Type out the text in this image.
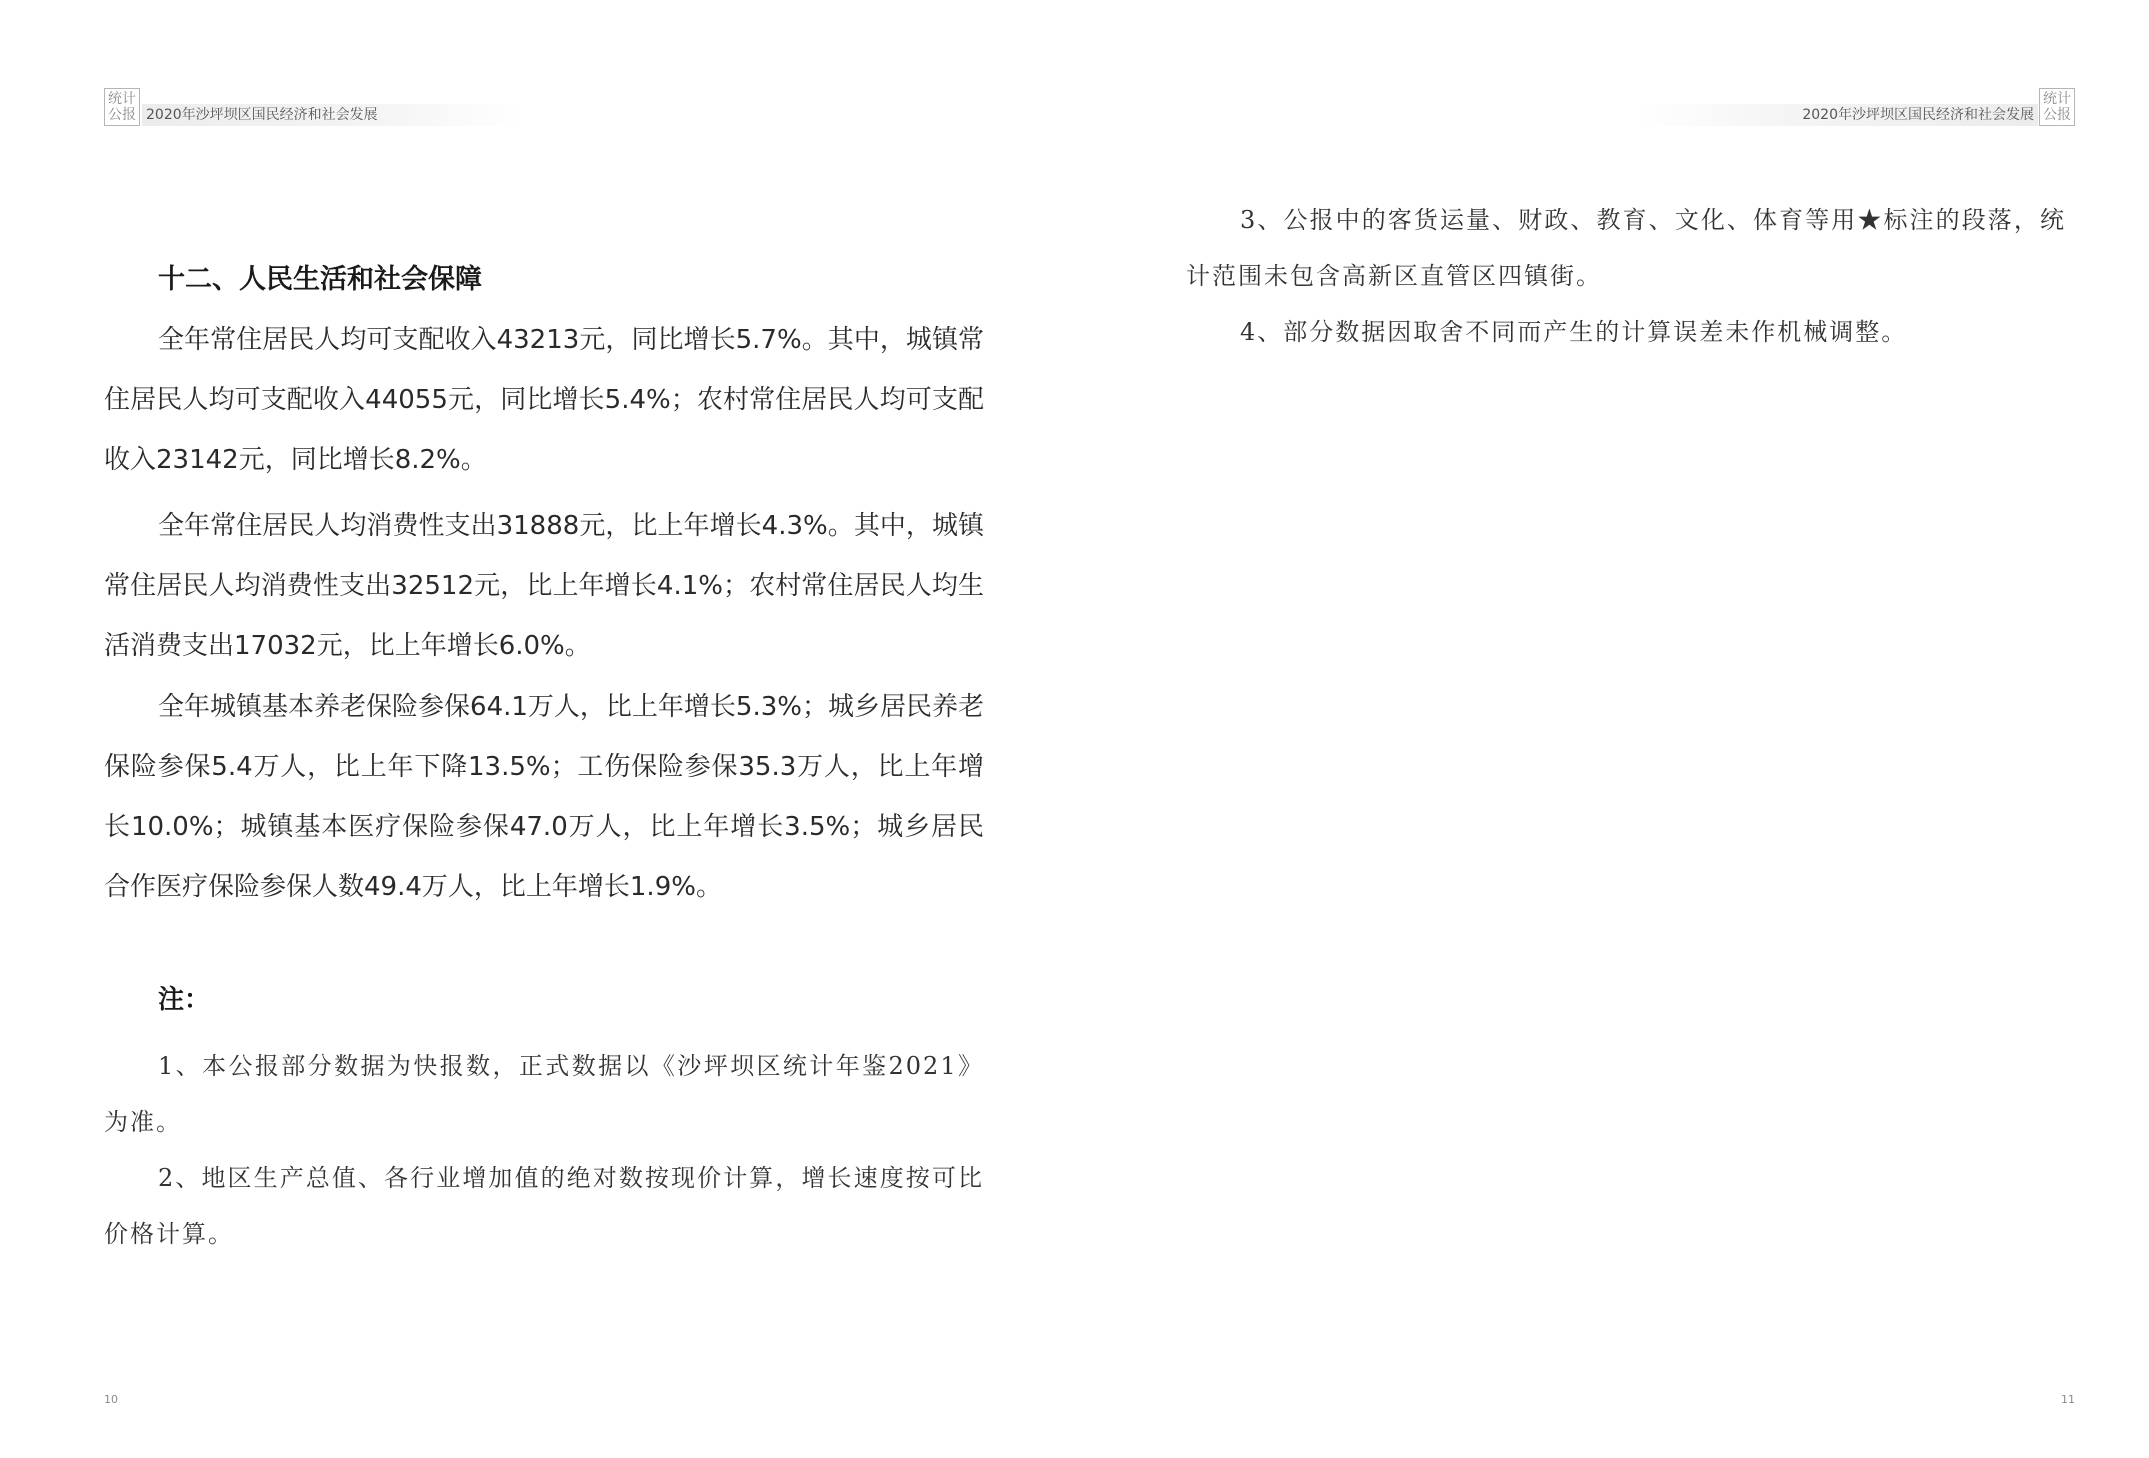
统计
公报 2020年沙坪坝区国民经济和社会发展
十二、人民生活和社会保障

全年常住居民人均可支配收入43213元，同比增长5.7%。其中，城镇常住居民人均可支配收入44055元，同比增长5.4%；农村常住居民人均可支配收入23142元，同比增长8.2%。

全年常住居民人均消费性支出31888元，比上年增长4.3%。其中，城镇常住居民人均消费性支出32512元，比上年增长4.1%；农村常住居民人均生活消费支出17032元，比上年增长6.0%。

全年城镇基本养老保险参保64.1万人，比上年增长5.3%；城乡居民养老保险参保5.4万人，比上年下降13.5%；工伤保险参保35.3万人，比上年增长10.0%；城镇基本医疗保险参保47.0万人，比上年增长3.5%；城乡居民合作医疗保险参保人数49.4万人，比上年增长1.9%。

注：

1、本公报部分数据为快报数，正式数据以《沙坪坝区统计年鉴2021》为准。

2、地区生产总值、各行业增加值的绝对数按现价计算，增长速度按可比价格计算。

10
2020年沙坪坝区国民经济和社会发展
统计
公报
11

3、公报中的客货运量、财政、教育、文化、体育等用★标注的段落，统计范围未包含高新区直管区四镇街。

4、部分数据因取舍不同而产生的计算误差未作机械调整。
